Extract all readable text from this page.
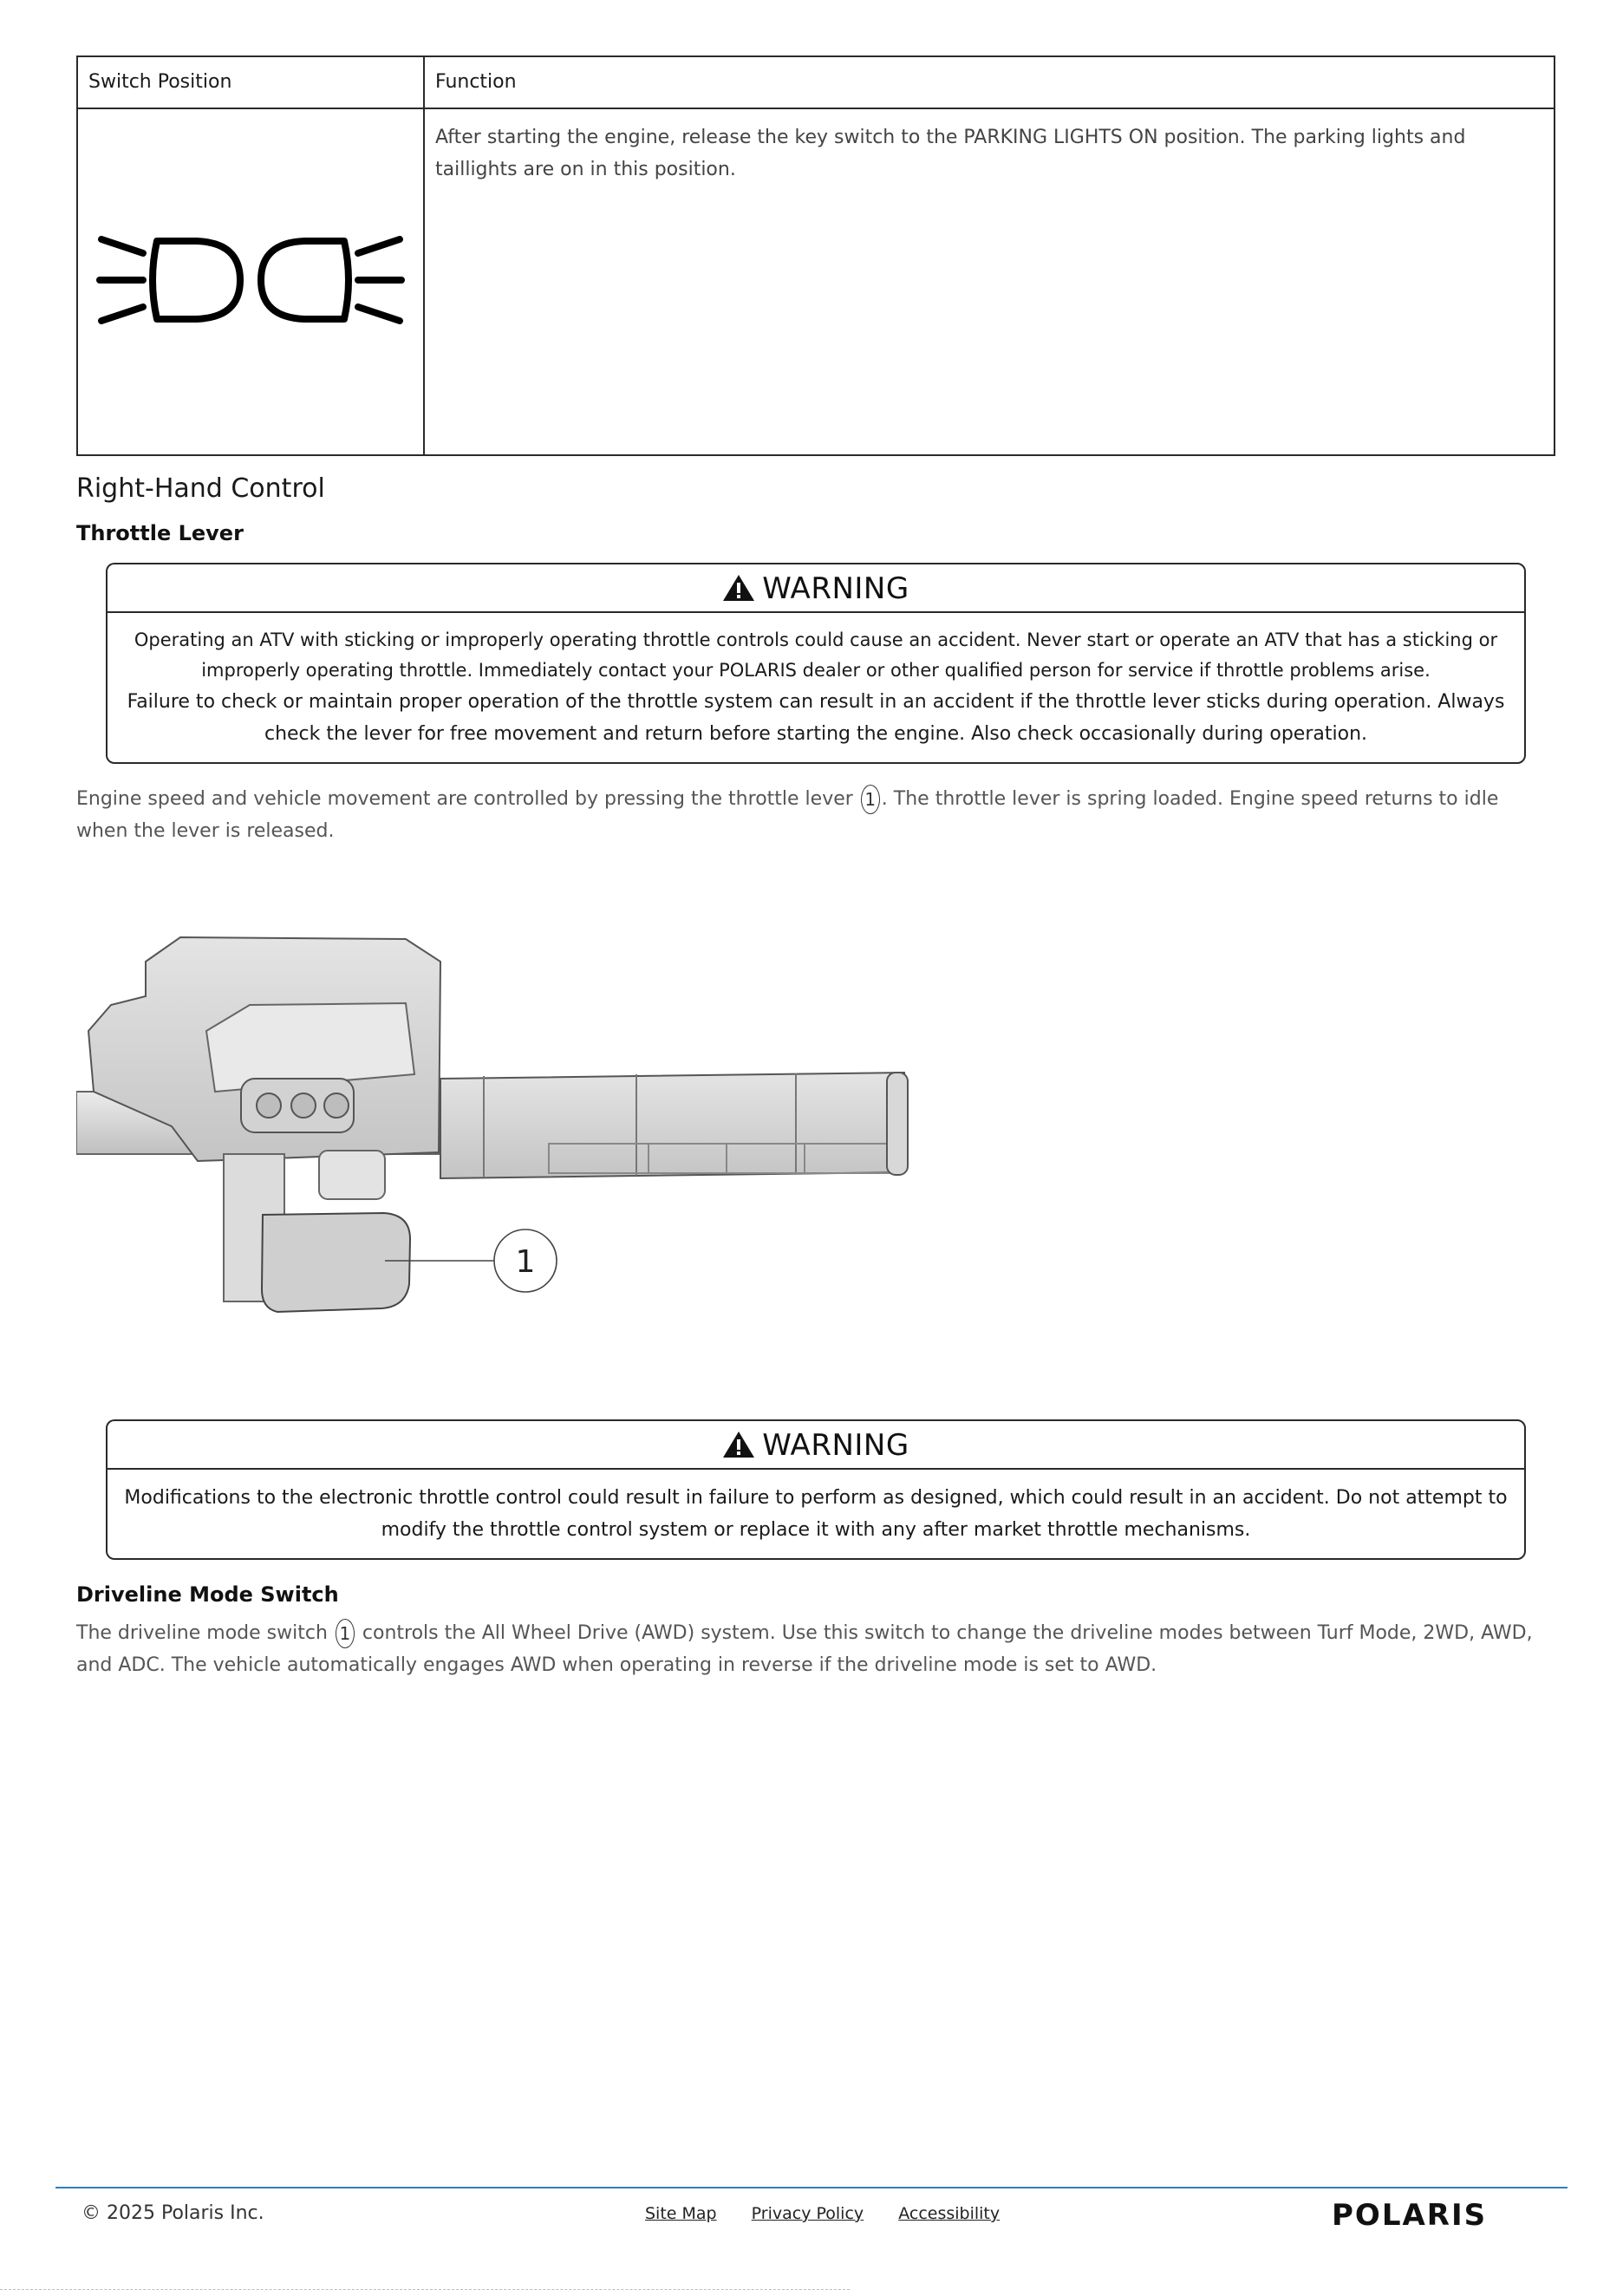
Switch Position	Function
	After starting the engine, release the key switch to the PARKING LIGHTS ON position. The parking lights and taillights are on in this position.
Right-Hand Control
Throttle Lever
WARNING

Operating an ATV with sticking or improperly operating throttle controls could cause an accident. Never start or operate an ATV that has a sticking or improperly operating throttle. Immediately contact your POLARIS dealer or other qualified person for service if throttle problems arise.

Failure to check or maintain proper operation of the throttle system can result in an accident if the throttle lever sticks during operation. Always check the lever for free movement and return before starting the engine. Also check occasionally during operation.

Engine speed and vehicle movement are controlled by pressing the throttle lever 1 . The throttle lever is spring loaded. Engine speed returns to idle when the lever is released.

1
WARNING

Modifications to the electronic throttle control could result in failure to perform as designed, which could result in an accident. Do not attempt to modify the throttle control system or replace it with any after market throttle mechanisms.

Driveline Mode Switch

The driveline mode switch 1 controls the All Wheel Drive (AWD) system. Use this switch to change the driveline modes between Turf Mode, 2WD, AWD, and ADC. The vehicle automatically engages AWD when operating in reverse if the driveline mode is set to AWD.

© 2025 Polaris Inc.	Site Map Privacy Policy Accessibility	POLARIS
